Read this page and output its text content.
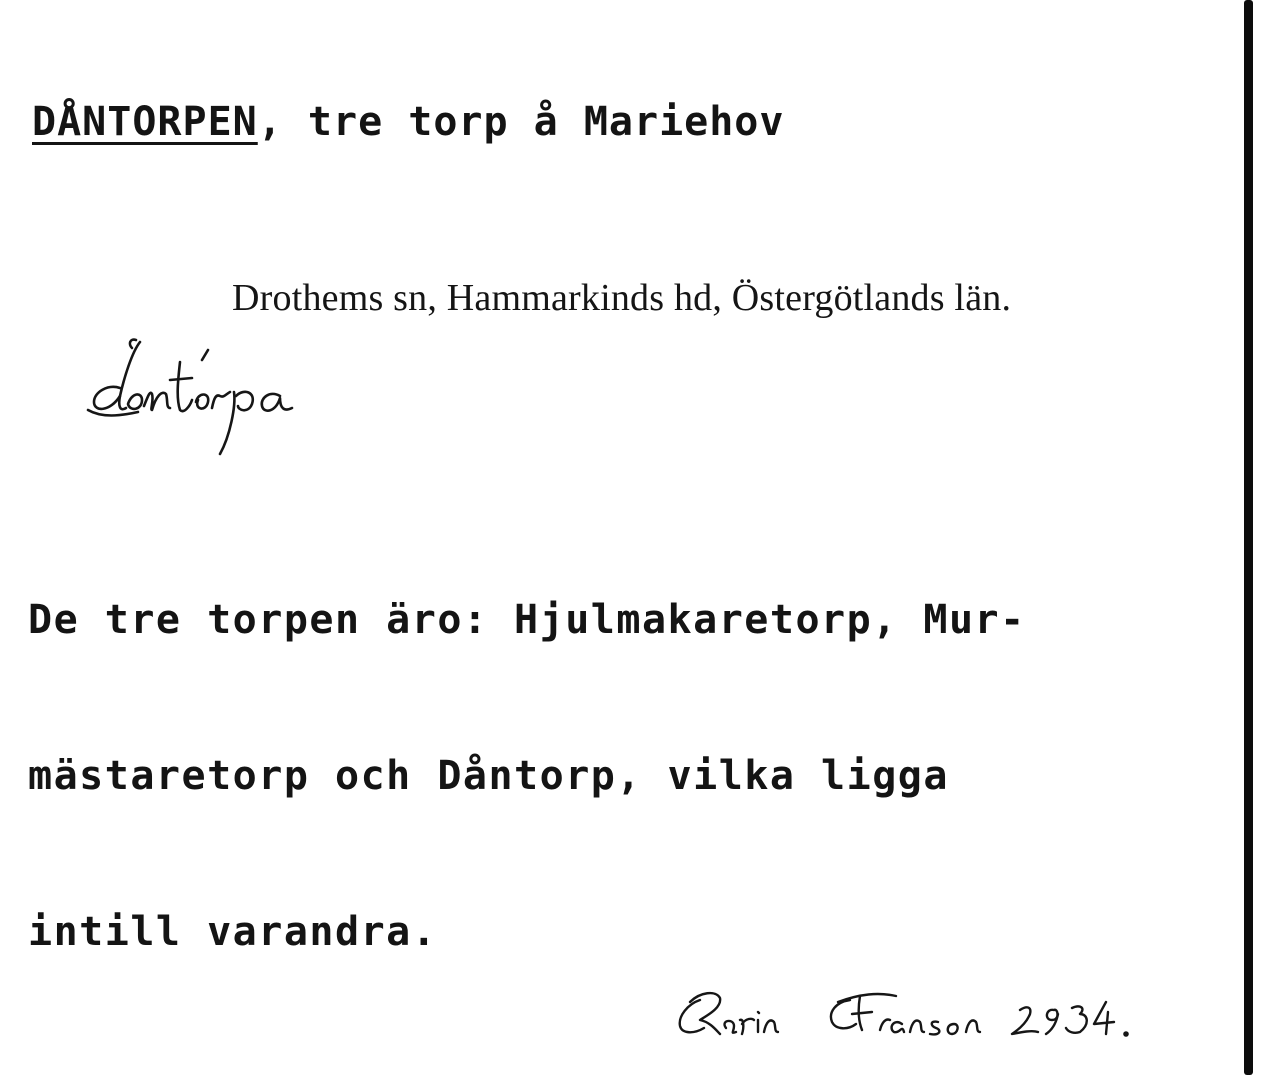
DÅNTORPEN, tre torp å Mariehov
Drothems sn, Hammarkinds hd, Östergötlands län.

De tre torpen äro: Hjulmakaretorp, Mur-

mästaretorp och Dåntorp, vilka ligga

intill varandra.
